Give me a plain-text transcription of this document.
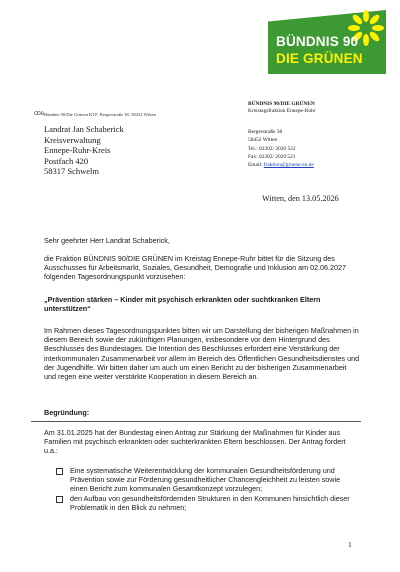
BÜNDNIS 90
DIE GRÜNEN
ꝎB Bündnis 90/Die Grünen KTF, Bergerstraße 38, 58452 Witten
Landrat Jan Schaberick
Kreisverwaltung
Ennepe-Ruhr-Kreis
Postfach 420
58317 Schwelm
BÜNDNIS 90/DIE GRÜNEN
Kreistagsfraktion Ennepe-Ruhr
Bergerstraße 38
58452 Witten
Tel.: 02302/ 2020 522
Fax: 02302/ 2020 521
Email: fraktion@gruene-en.de
Witten, den 13.05.2026
Sehr geehrter Herr Landrat Schaberick,
die Fraktion BÜNDNIS 90/DIE GRÜNEN im Kreistag Ennepe-Ruhr bittet für die Sitzung des Ausschusses für Arbeitsmarkt, Soziales, Gesundheit, Demografie und Inklusion am 02.06.2027 folgenden Tagesordnungspunkt vorzusehen:
„Prävention stärken – Kinder mit psychisch erkrankten oder suchtkranken Eltern unterstützen“
Im Rahmen dieses Tagesordnungspunktes bitten wir um Darstellung der bisherigen Maßnahmen in diesem Bereich sowie der zukünftigen Planungen, insbesondere vor dem Hintergrund des Beschlusses des Bundestages. Die Intention des Beschlusses erfordert eine Verstärkung der interkommunalen Zusammenarbeit vor allem im Bereich des Öffentlichen Gesundheitsdienstes und der Jugendhilfe. Wir bitten daher um auch um einen Bericht zu der bisherigen Zusammenarbeit und regen eine weiter verstärkte Kooperation in diesem Bereich an.
Begründung:
Am 31.01.2025 hat der Bundestag einen Antrag zur Stärkung der Maßnahmen für Kinder aus Familien mit psychisch erkrankten oder suchterkrankten Eltern beschlossen. Der Antrag fordert u.a.:
Eine systematische Weiterentwicklung der kommunalen Gesundheitsförderung und Prävention sowie zur Förderung gesundheitlicher Chancengleichheit zu leisten sowie einen Bericht zum kommunalen Gesamtkonzept vorzulegen;
den Aufbau von gesundheitsfördernden Strukturen in den Kommunen hinsichtlich dieser Problematik in den Blick zu nehmen;
1
